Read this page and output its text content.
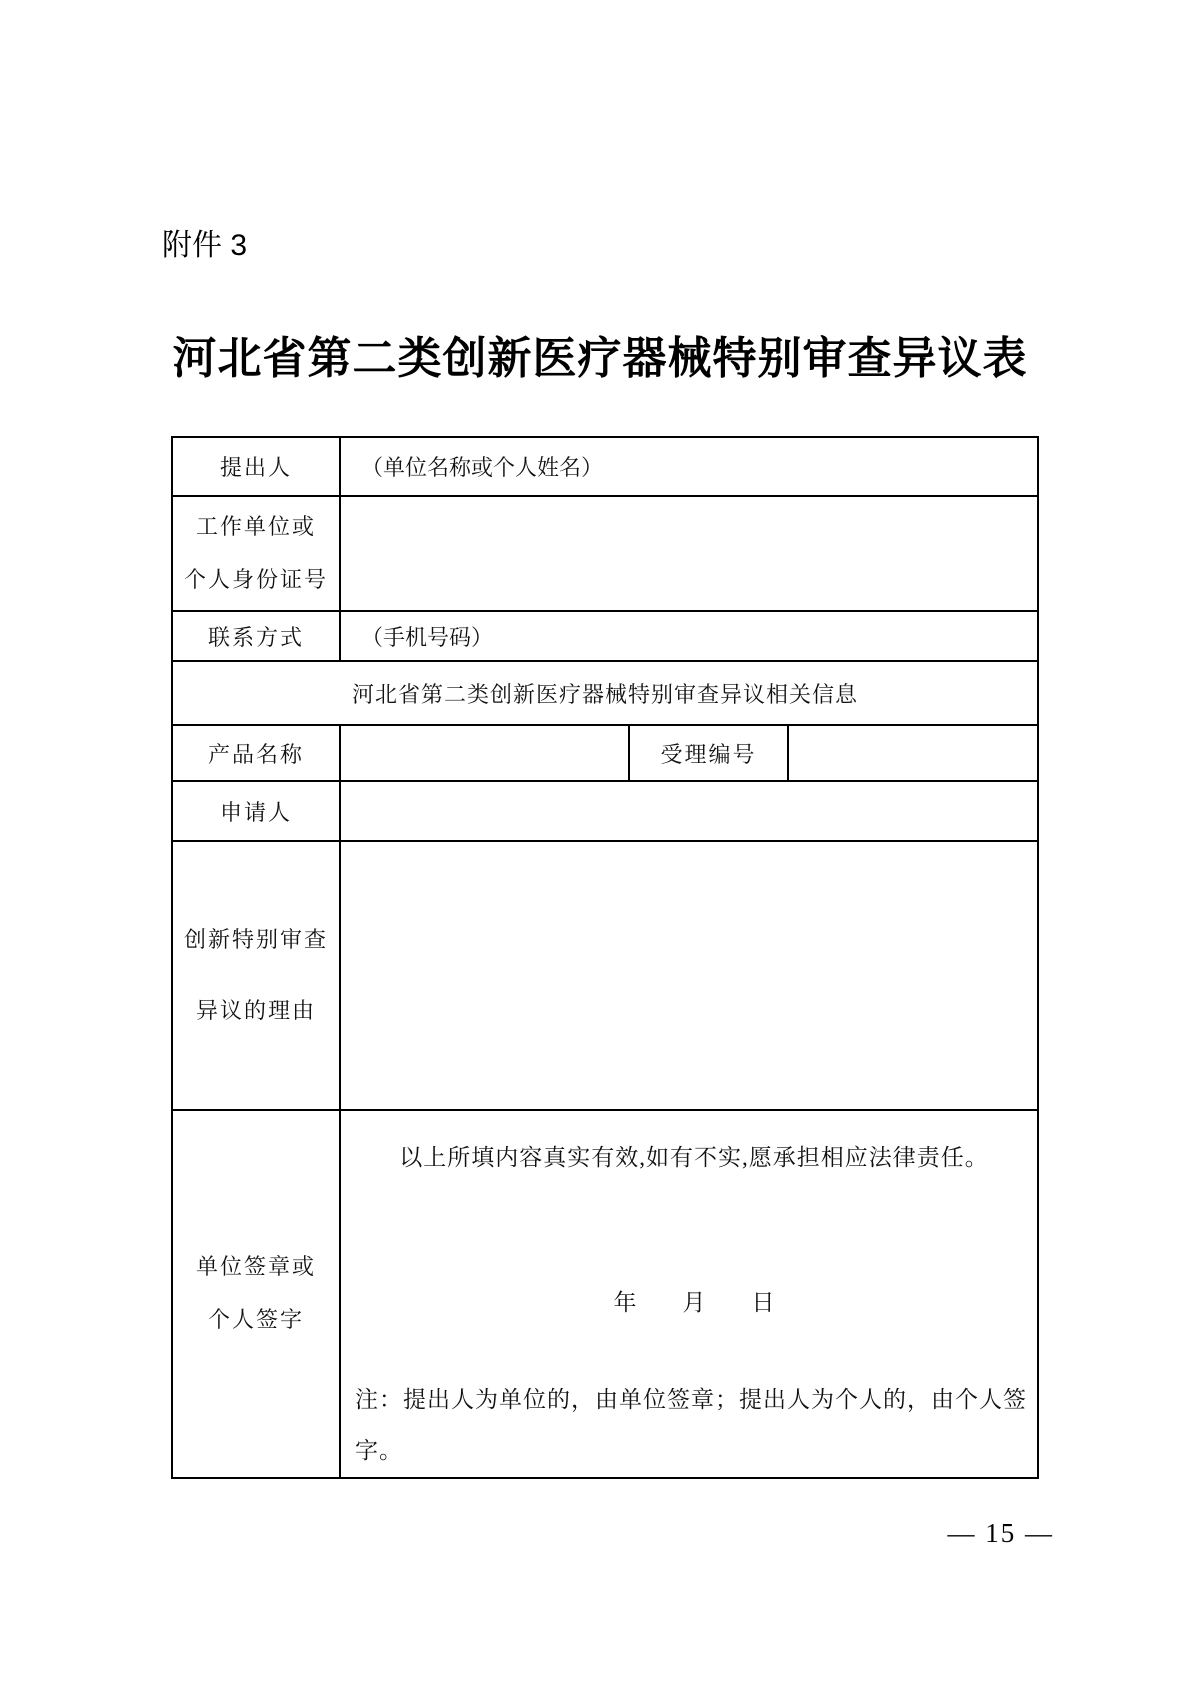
附件 3
河北省第二类创新医疗器械特别审查异议表
提出人	（单位名称或个人姓名）		

工作单位或
个人身份证号			

联系方式	（手机号码）		
河北省第二类创新医疗器械特别审查异议相关信息			
产品名称		受理编号	
申请人			

创新特别审查
异议的理由			

单位签章或
个人签字

以上所填内容真实有效,如有不实,愿承担相应法律责任。
年　　月　　日
注：提出人为单位的，由单位签章；提出人为个人的，由个人签字。
— 15 —
